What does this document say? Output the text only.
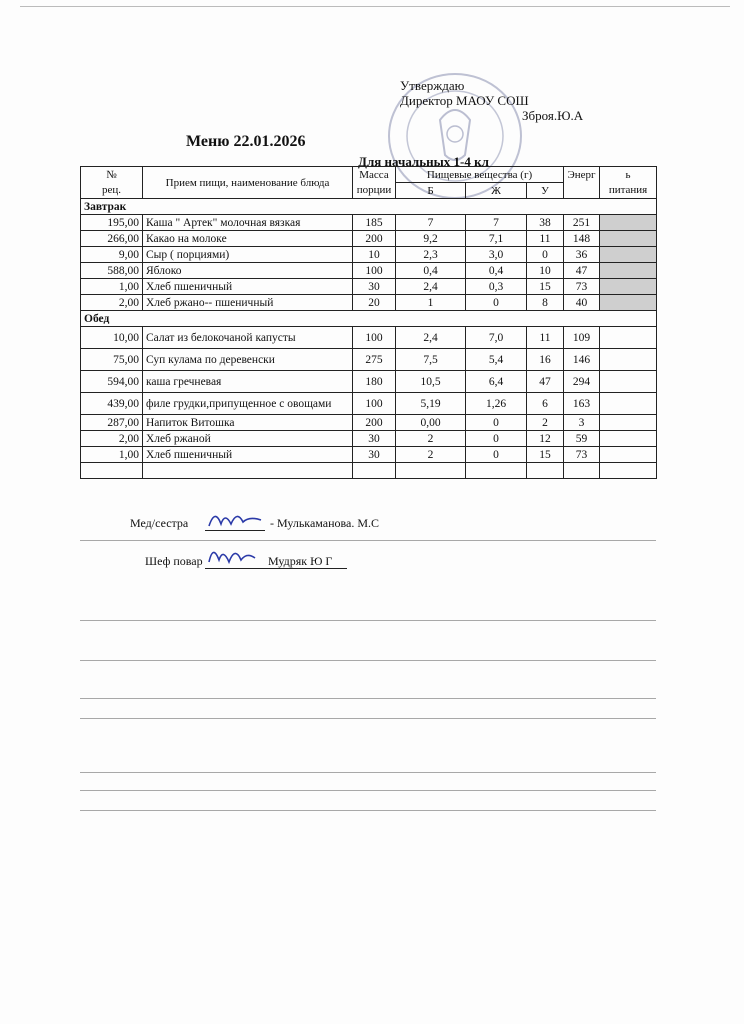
Утверждаю
Директор МАОУ СОШ
Зброя.Ю.А
Меню 22.01.2026
Для начальных 1-4 кл
№	Прием пищи, наименование блюда	Масса	Пищевые вещества (г)			Энерг	ь
рец.		порции	Б	Ж	У		питания
Завтрак							
195,00	Каша " Артек" молочная вязкая	185	7	7	38	251	
266,00	Какао на молоке	200	9,2	7,1	11	148	
9,00	Сыр ( порциями)	10	2,3	3,0	0	36	
588,00	Яблоко	100	0,4	0,4	10	47	
1,00	Хлеб пшеничный	30	2,4	0,3	15	73	
2,00	Хлеб ржано-- пшеничный	20	1	0	8	40	
Обед							
10,00	Салат из белокочаной капусты	100	2,4	7,0	11	109	
75,00	Суп кулама по деревенски	275	7,5	5,4	16	146	
594,00	каша гречневая	180	10,5	6,4	47	294	
439,00	филе грудки,припущенное с овощами	100	5,19	1,26	6	163	
287,00	Напиток Витошка	200	0,00	0	2	3	
2,00	Хлеб ржаной	30	2	0	12	59	
1,00	Хлеб пшеничный	30	2	0	15	73	

Мед/сестра	- Мулькаманова. М.С
Шеф повар	Мудряк Ю Г
